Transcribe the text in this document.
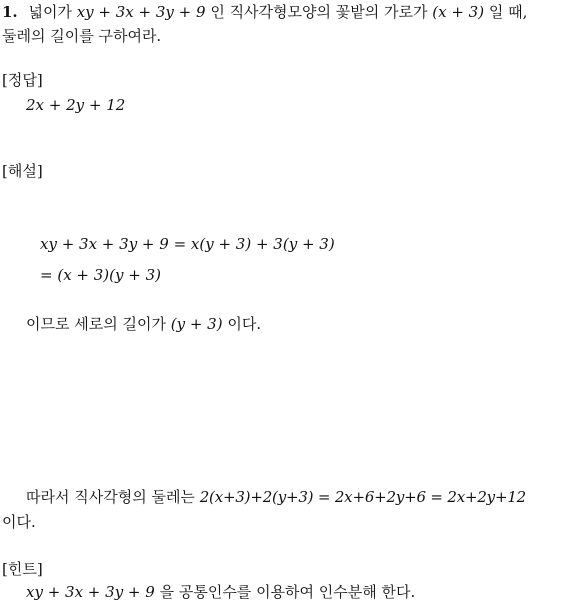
1. 넓이가 xy + 3x + 3y + 9 인 직사각형모양의 꽃밭의 가로가 (x + 3) 일 때,
둘레의 길이를 구하여라.
[정답]
2x + 2y + 12
[해설]
xy + 3x + 3y + 9 = x(y + 3) + 3(y + 3)
= (x + 3)(y + 3)
이므로 세로의 길이가 (y + 3) 이다.
따라서 직사각형의 둘레는 2(x+3)+2(y+3) = 2x+6+2y+6 = 2x+2y+12
이다.
[힌트]
xy + 3x + 3y + 9 을 공통인수를 이용하여 인수분해 한다.
